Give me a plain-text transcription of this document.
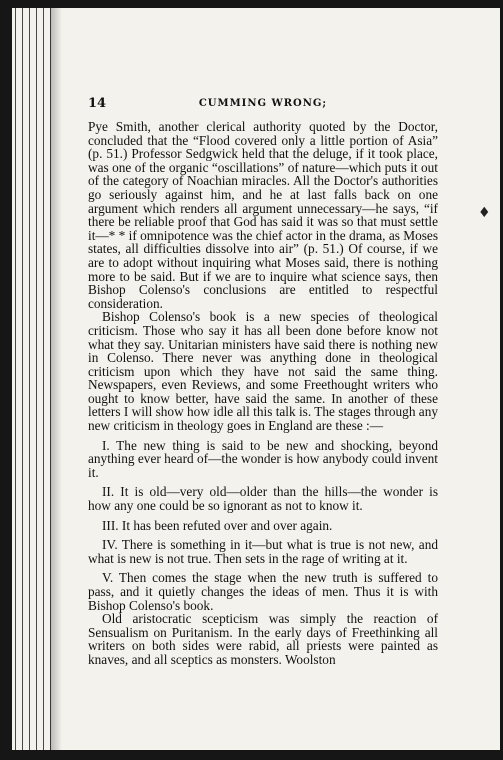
14	CUMMING WRONG;

Pye Smith, another clerical authority quoted by the Doctor, concluded that the “Flood covered only a little portion of Asia” (p. 51.) Professor Sedgwick held that the deluge, if it took place, was one of the organic “oscillations” of nature—which puts it out of the category of Noachian miracles. All the Doctor's authorities go seriously against him, and he at last falls back on one argument which renders all argument unnecessary—he says, “if there be reliable proof that God has said it was so that must settle it—* * if omnipotence was the chief actor in the drama, as Moses states, all difficulties dissolve into air” (p. 51.) Of course, if we are to adopt without inquiring what Moses said, there is nothing more to be said. But if we are to inquire what science says, then Bishop Colenso's conclusions are entitled to respectful consideration.

Bishop Colenso's book is a new species of theological criticism. Those who say it has all been done before know not what they say. Unitarian ministers have said there is nothing new in Colenso. There never was anything done in theological criticism upon which they have not said the same thing. Newspapers, even Reviews, and some Freethought writers who ought to know better, have said the same. In another of these letters I will show how idle all this talk is. The stages through any new criticism in theology goes in England are these :—

I. The new thing is said to be new and shocking, beyond anything ever heard of—the wonder is how anybody could invent it.

II. It is old—very old—older than the hills—the wonder is how any one could be so ignorant as not to know it.

III. It has been refuted over and over again.

IV. There is something in it—but what is true is not new, and what is new is not true. Then sets in the rage of writing at it.

V. Then comes the stage when the new truth is suffered to pass, and it quietly changes the ideas of men. Thus it is with Bishop Colenso's book.

Old aristocratic scepticism was simply the reaction of Sensualism on Puritanism. In the early days of Freethinking all writers on both sides were rabid, all priests were painted as knaves, and all sceptics as monsters. Woolston

♦
